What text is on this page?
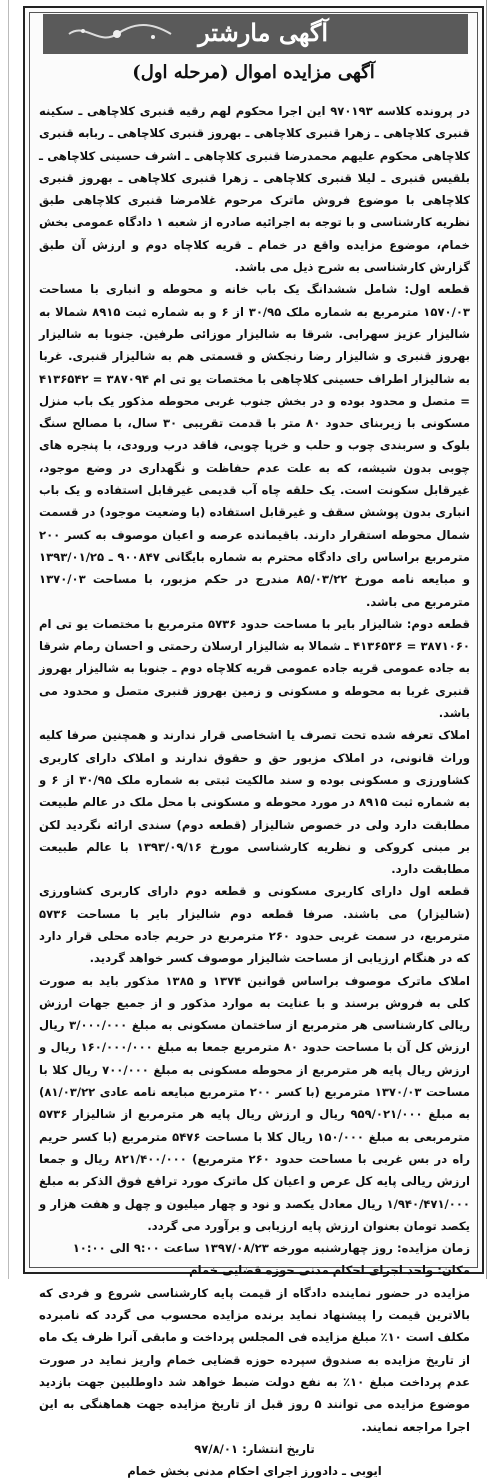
آگهی مارشتر
آگهی مزایده اموال (مرحله اول)

در پرونده کلاسه ۹۷۰۱۹۳ این اجرا محکوم لهم رقیه قنبری کلاچاهی ـ سکینه قنبری کلاچاهی ـ زهرا قنبری کلاچاهی ـ بهروز قنبری کلاچاهی ـ ربابه قنبری کلاچاهی محکوم علیهم محمدرضا قنبری کلاچاهی ـ اشرف حسینی کلاچاهی ـ بلقیس قنبری ـ لیلا قنبری کلاچاهی ـ زهرا قنبری کلاچاهی ـ بهروز قنبری کلاچاهی با موضوع فروش ماترک مرحوم غلامرضا قنبری کلاچاهی طبق نظریه کارشناسی و با توجه به اجرائیه صادره از شعبه ۱ دادگاه عمومی بخش خمام، موضوع مزایده واقع در خمام ـ قریه کلاچاه دوم و ارزش آن طبق گزارش کارشناسی به شرح ذیل می باشد.

قطعه اول: شامل ششدانگ یک باب خانه و محوطه و انباری با مساحت ۱۵۷۰/۰۳ مترمربع به شماره ملک ۳۰/۹۵ از ۶ و به شماره ثبت ۸۹۱۵ شمالا به شالیزار عزیز سهرابی. شرقا به شالیزار موزائی طرفین. جنوبا به شالیزار بهروز قنبری و شالیزار رضا رنجکش و قسمتی هم به شالیزار قنبری. غربا به شالیزار اطراف حسینی کلاچاهی با مختصات یو تی ام ۳۸۷۰۹۴ = ۴۱۳۶۵۴۲ = متصل و محدود بوده و در بخش جنوب غربی محوطه مذکور یک باب منزل مسکونی با زیربنای حدود ۸۰ متر با قدمت تقریبی ۳۰ سال، با مصالح سنگ بلوک و سربندی چوب و حلب و خرپا چوبی، فاقد درب ورودی، با پنجره های چوبی بدون شیشه، که به علت عدم حفاظت و نگهداری در وضع موجود، غیرقابل سکونت است. یک حلقه چاه آب قدیمی غیرقابل استفاده و یک باب انباری بدون پوشش سقف و غیرقابل استفاده (با وضعیت موجود) در قسمت شمال محوطه استقرار دارند. باقیمانده عرصه و اعیان موصوف به کسر ۲۰۰ مترمربع براساس رای دادگاه محترم به شماره بایگانی ۹۰۰۸۴۷ ـ ۱۳۹۳/۰۱/۲۵ و مبایعه نامه مورخ ۸۵/۰۳/۲۲ مندرج در حکم مزبور، با مساحت ۱۳۷۰/۰۳ مترمربع می باشد.

قطعه دوم: شالیزار بایر با مساحت حدود ۵۷۳۶ مترمربع با مختصات یو تی ام ۳۸۷۱۰۶۰ = ۴۱۳۶۵۳۶ ـ شمالا به شالیزار ارسلان رحمتی و احسان رمام شرقا به جاده عمومی قریه جاده عمومی قریه کلاچاه دوم ـ جنوبا به شالیزار بهروز قنبری غربا به محوطه و مسکونی و زمین بهروز قنبری متصل و محدود می باشد.

املاک تعرفه شده تحت تصرف یا اشخاصی قرار ندارند و همچنین صرفا کلیه وراث قانونی، در املاک مزبور حق و حقوق ندارند و املاک دارای کاربری کشاورزی و مسکونی بوده و سند مالکیت ثبتی به شماره ملک ۳۰/۹۵ از ۶ و به شماره ثبت ۸۹۱۵ در مورد محوطه و مسکونی با محل ملک در عالم طبیعت مطابقت دارد ولی در خصوص شالیزار (قطعه دوم) سندی ارائه نگردید لکن بر مبنی کروکی و نظریه کارشناسی مورخ ۱۳۹۳/۰۹/۱۶ با عالم طبیعت مطابقت دارد.

قطعه اول دارای کاربری مسکونی و قطعه دوم دارای کاربری کشاورزی (شالیزار) می باشند. صرفا قطعه دوم شالیزار بایر با مساحت ۵۷۳۶ مترمربع، در سمت غربی حدود ۲۶۰ مترمربع در حریم جاده محلی قرار دارد که در هنگام ارزیابی از مساحت شالیزار موصوف کسر خواهد گردید.

املاک ماترک موصوف براساس قوانین ۱۳۷۴ و ۱۳۸۵ مذکور باید به صورت کلی به فروش برسند و با عنایت به موارد مذکور و از جمیع جهات ارزش ریالی کارشناسی هر مترمربع از ساختمان مسکونی به مبلغ ۳/۰۰۰/۰۰۰ ریال ارزش کل آن با مساحت حدود ۸۰ مترمربع جمعا به مبلغ ۱۶۰/۰۰۰/۰۰۰ ریال و ارزش ریال پایه هر مترمربع از محوطه مسکونی به مبلغ ۷۰۰/۰۰۰ ریال کلا با مساحت ۱۳۷۰/۰۳ مترمربع (با کسر ۲۰۰ مترمربع مبایعه نامه عادی ۸۱/۰۳/۲۲) به مبلغ ۹۵۹/۰۲۱/۰۰۰ ریال و ارزش ریال پایه هر مترمربع از شالیزار ۵۷۳۶ مترمربعی به مبلغ ۱۵۰/۰۰۰ ریال کلا با مساحت ۵۴۷۶ مترمربع (با کسر حریم راه در بس غربی با مساحت حدود ۲۶۰ مترمربع) ۸۲۱/۴۰۰/۰۰۰ ریال و جمعا ارزش ریالی پایه کل عرص و اعیان کل ماترک مورد ترافع فوق الذکر به مبلغ ۱/۹۴۰/۴۷۱/۰۰۰ ریال معادل یکصد و نود و چهار میلیون و چهل و هفت هزار و یکصد تومان بعنوان ارزش پایه ارزیابی و برآورد می گردد.

زمان مزایده: روز چهارشنبه مورخه ۱۳۹۷/۰۸/۲۳ ساعت ۹:۰۰ الی ۱۰:۰۰

مکان: واحد اجرای احکام مدنی حوزه قضایی خمام

مزایده در حضور نماینده دادگاه از قیمت پایه کارشناسی شروع و فردی که بالاترین قیمت را پیشنهاد نماید برنده مزایده محسوب می گردد که نامبرده مکلف است ۱۰٪ مبلغ مزایده فی المجلس پرداخت و مابقی آنرا ظرف یک ماه از تاریخ مزایده به صندوق سپرده حوزه قضایی خمام واریز نماید در صورت عدم پرداخت مبلغ ۱۰٪ به نفع دولت ضبط خواهد شد داوطلبین جهت بازدید موضوع مزایده می توانند ۵ روز قبل از تاریخ مزایده جهت هماهنگی به این اجرا مراجعه نمایند.

تاریخ انتشار: ۹۷/۸/۰۱

ایوبی ـ دادورز اجرای احکام مدنی بخش خمام
